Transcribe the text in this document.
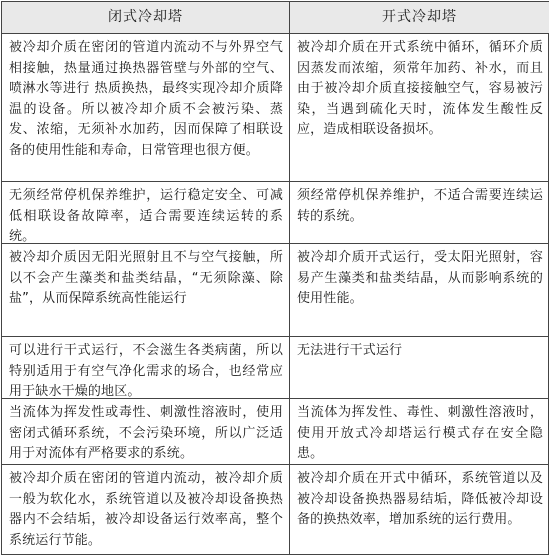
闭式冷却塔	开式冷却塔
被冷却介质在密闭的管道内流动不与外界空气相接触，热量通过换热器管壁与外部的空气、喷淋水等进行 热质换热，最终实现冷却介质降温的设备。所以被冷却介质不会被污染、蒸发、浓缩，无须补水加药，因而保障了相联设备的使用性能和寿命，日常管理也很方便。
被冷却介质在开式系统中循环，循环介质因蒸发而浓缩，须常年加药、补水，而且由于被冷却介质直接接触空气，容易被污染，当遇到硫化天时，流体发生酸性反应，造成相联设备损坏。
无须经常停机保养维护，运行稳定安全、可减低相联设备故障率，适合需要连续运转的系统。
须经常停机保养维护，不适合需要连续运转的系统。
被冷却介质因无阳光照射且不与空气接触，所以不会产生藻类和盐类结晶，“无须除藻、除盐”，从而保障系统高性能运行
被冷却介质开式运行，受太阳光照射，容易产生藻类和盐类结晶，从而影响系统的使用性能。
可以进行干式运行，不会滋生各类病菌，所以特别适用于有空气净化需求的场合，也经常应用于缺水干燥的地区。
无法进行干式运行
当流体为挥发性或毒性、刺激性溶液时，使用密闭式循环系统，不会污染环境，所以广泛适用于对流体有严格要求的系统。
当流体为挥发性、毒性、刺激性溶液时，使用开放式冷却塔运行模式存在安全隐患。
被冷却介质在密闭的管道内流动，被冷却介质一般为软化水，系统管道以及被冷却设备换热器内不会结垢，被冷却设备运行效率高，整个系统运行节能。
被冷却介质在开式中循环，系统管道以及被冷却设备换热器易结垢，降低被冷却设备的换热效率，增加系统的运行费用。
